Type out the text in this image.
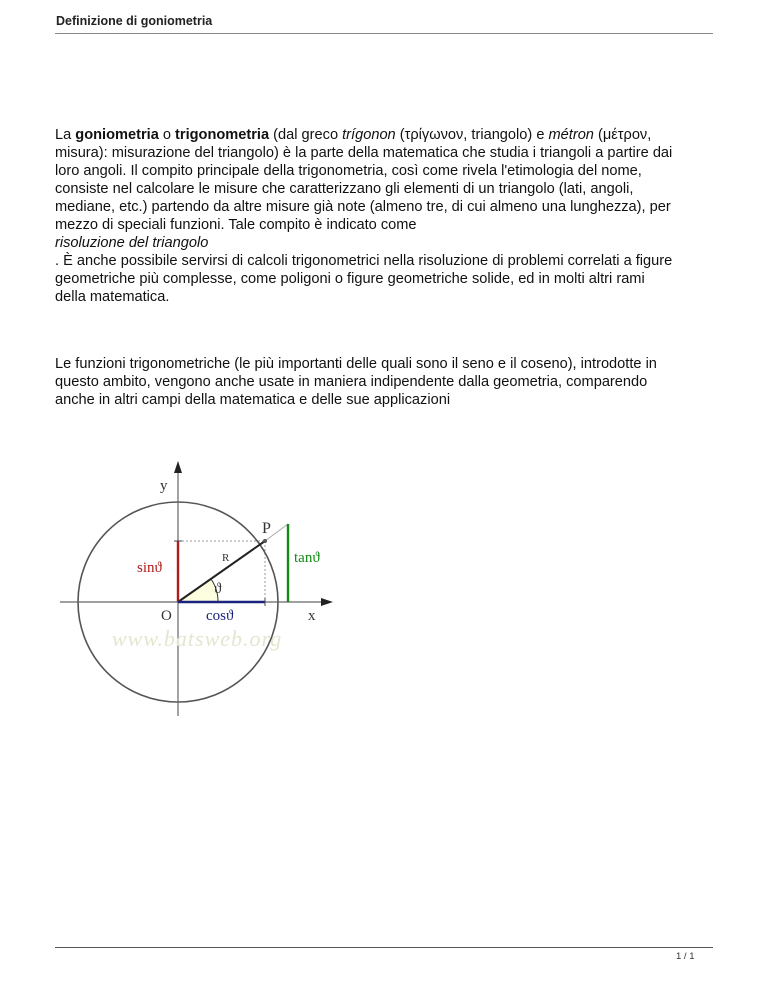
Definizione di goniometria
La goniometria o trigonometria (dal greco trígonon (τρίγωνον, triangolo) e métron (μέτρον,
misura): misurazione del triangolo) è la parte della matematica che studia i triangoli a partire dai
loro angoli. Il compito principale della trigonometria, così come rivela l'etimologia del nome,
consiste nel calcolare le misure che caratterizzano gli elementi di un triangolo (lati, angoli,
mediane, etc.) partendo da altre misure già note (almeno tre, di cui almeno una lunghezza), per
mezzo di speciali funzioni. Tale compito è indicato come
risoluzione del triangolo
. È anche possibile servirsi di calcoli trigonometrici nella risoluzione di problemi correlati a figure
geometriche più complesse, come poligoni o figure geometriche solide, ed in molti altri rami
della matematica.
Le funzioni trigonometriche (le più importanti delle quali sono il seno e il coseno), introdotte in
questo ambito, vengono anche usate in maniera indipendente dalla geometria, comparendo
anche in altri campi della matematica e delle sue applicazioni
www.batsweb.org
y
x
O
P
R
ϑ
sinϑ
cosϑ
tanϑ
1 / 1
